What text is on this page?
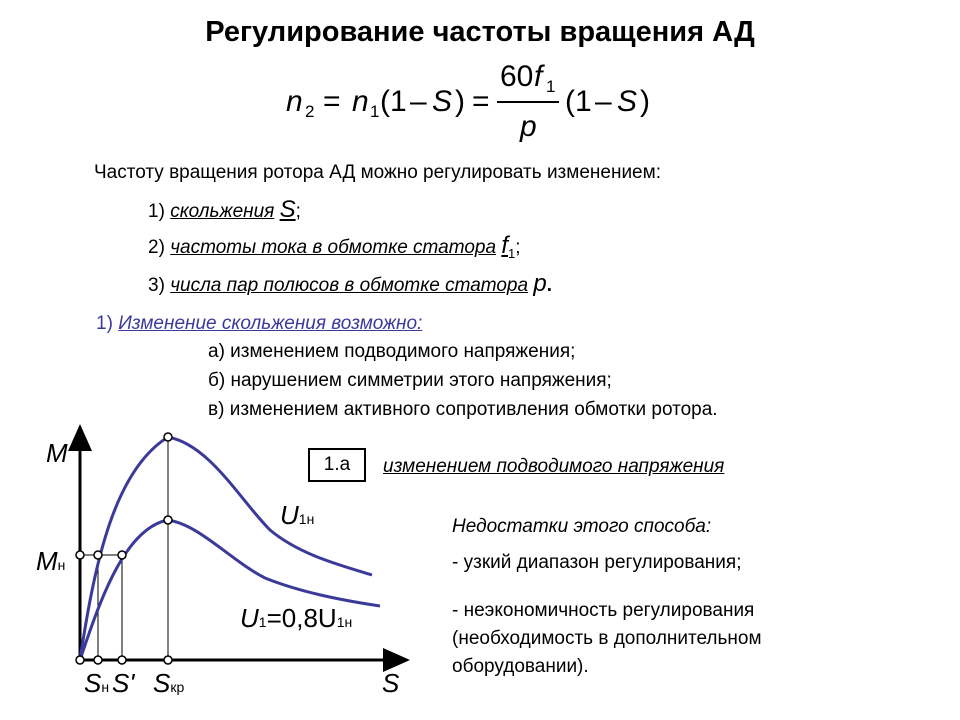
Регулирование частоты вращения АД
n 2 = n 1 (1 – S ) =
60 f 1
p
(1 – S )
Частоту вращения ротора АД можно регулировать изменением:
1) скольжения S;
2) частоты тока в обмотке статора $f_1$;
3) числа пар полюсов в обмотке статора p.
1) Изменение скольжения возможно:
а) изменением подводимого напряжения;
б) нарушением симметрии этого напряжения;
в) изменением активного сопротивления обмотки ротора.
1.а	изменением подводимого напряжения
Недостатки этого способа:
- узкий диапазон регулирования;
- неэкономичность регулирования
(необходимость в дополнительном
оборудовании).
M
S
Mн
Sн S' Sкр
U1н
U1=0,8U1н
